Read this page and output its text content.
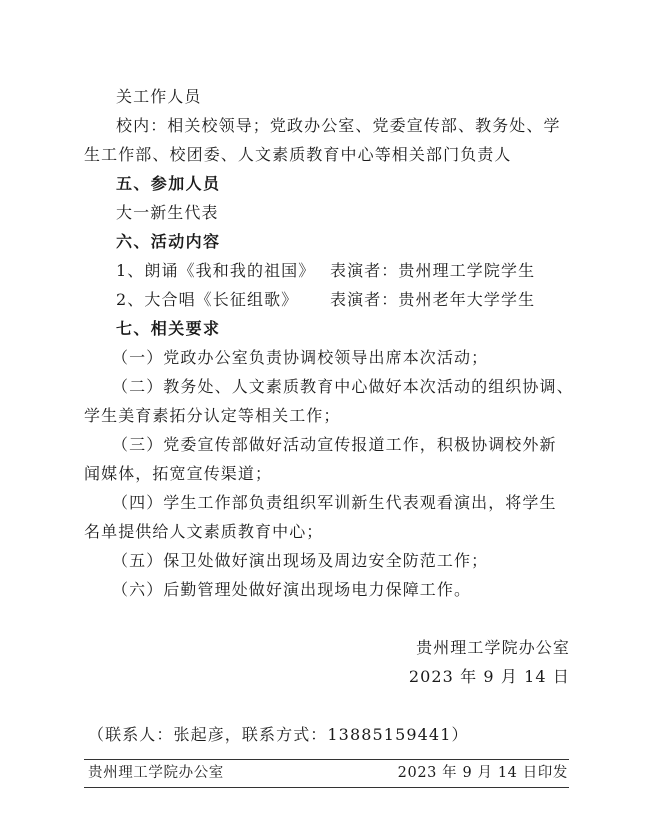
关工作人员
校内：相关校领导；党政办公室、党委宣传部、教务处、学
生工作部、校团委、人文素质教育中心等相关部门负责人
五、参加人员
大一新生代表
六、活动内容
1、朗诵《我和我的祖国》 表演者：贵州理工学院学生
2、大合唱《长征组歌》 表演者：贵州老年大学学生
七、相关要求
（一）党政办公室负责协调校领导出席本次活动；
（二）教务处、人文素质教育中心做好本次活动的组织协调、
学生美育素拓分认定等相关工作；
（三）党委宣传部做好活动宣传报道工作，积极协调校外新
闻媒体，拓宽宣传渠道；
（四）学生工作部负责组织军训新生代表观看演出，将学生
名单提供给人文素质教育中心；
（五）保卫处做好演出现场及周边安全防范工作；
（六）后勤管理处做好演出现场电力保障工作。
贵州理工学院办公室
2023 年 9 月 14 日
（联系人：张起彦，联系方式：13885159441）
贵州理工学院办公室	2023 年 9 月 14 日印发
